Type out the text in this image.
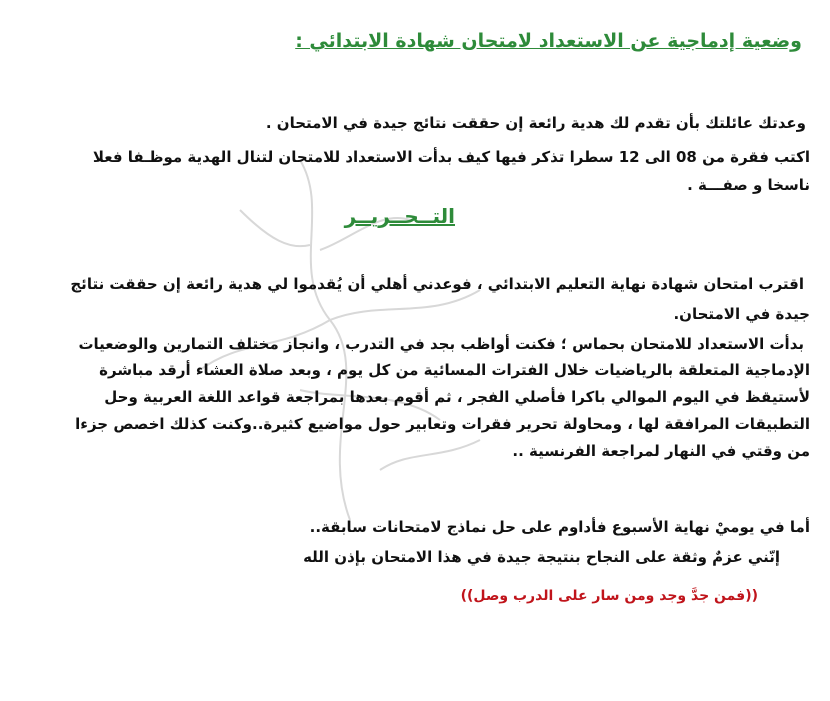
وضعية إدماجية عن الاستعداد لامتحان شهادة الابتدائي :
وعدتك عائلتك بأن تقدم لك هدية رائعة إن حققت نتائج جيدة في الامتحان .
اكتب فقرة من 08 الى 12 سطرا تذكر فيها كيف بدأت الاستعداد للامتحان لتنال الهدية موظـفا فعلا
ناسخا و صفـــة .
التــحــريــر
اقترب امتحان شهادة نهاية التعليم الابتدائي ، فوعدني أهلي أن يُقدموا لي هدية رائعة إن حققت نتائج
جيدة في الامتحان.
بدأت الاستعداد للامتحان بحماس ؛ فكنت أواظب بجد في التدرب ، وانجاز مختلف التمارين والوضعيات
الإدماجية المتعلقة بالرياضيات خلال الفترات المسائية من كل يوم ، وبعد صلاة العشاء أرقد مباشرة
لأستيقظ في اليوم الموالي باكرا فأصلي الفجر ، ثم أقوم بعدها بمراجعة قواعد اللغة العربية وحل
التطبيقات المرافقة لها ، ومحاولة تحرير فقرات وتعابير حول مواضيع كثيرة..وكنت كذلك اخصص جزءا
من وقتي في النهار لمراجعة الفرنسية ..
أما في يوميْ نهاية الأسبوع فأداوم على حل نماذج لامتحانات سابقة..
إنّني عزمٌ وثقة على النجاح بنتيجة جيدة في هذا الامتحان بإذن الله
((فمن جدَّ وجد ومن سار على الدرب وصل))
